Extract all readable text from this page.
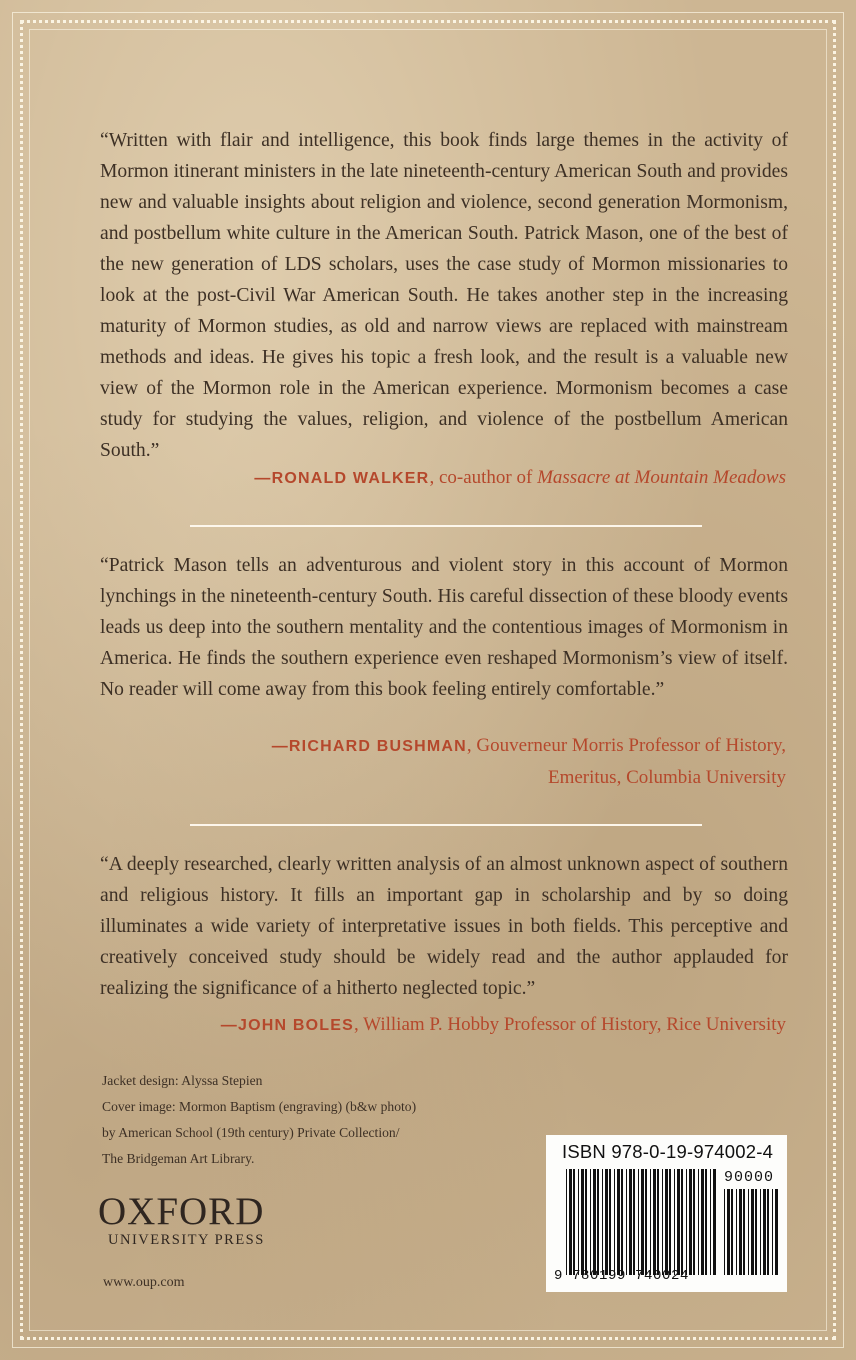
“Written with flair and intelligence, this book finds large themes in the activity of Mormon itinerant ministers in the late nineteenth-century American South and provides new and valuable insights about religion and violence, second generation Mormonism, and postbellum white culture in the American South. Patrick Mason, one of the best of the new generation of LDS scholars, uses the case study of Mormon missionaries to look at the post-Civil War American South. He takes another step in the increasing maturity of Mormon studies, as old and narrow views are replaced with mainstream methods and ideas. He gives his topic a fresh look, and the result is a valuable new view of the Mormon role in the American experience. Mormonism becomes a case study for studying the values, religion, and violence of the postbellum American South.”

—RONALD WALKER, co-author of Massacre at Mountain Meadows

“Patrick Mason tells an adventurous and violent story in this account of Mormon lynchings in the nineteenth-century South. His careful dissection of these bloody events leads us deep into the southern mentality and the contentious images of Mormonism in America. He finds the southern experience even reshaped Mormonism’s view of itself. No reader will come away from this book feeling entirely comfortable.”

—RICHARD BUSHMAN, Gouverneur Morris Professor of History,
Emeritus, Columbia University

“A deeply researched, clearly written analysis of an almost unknown aspect of southern and religious history. It fills an important gap in scholarship and by so doing illuminates a wide variety of interpretative issues in both fields. This perceptive and creatively conceived study should be widely read and the author applauded for realizing the significance of a hitherto neglected topic.”

—JOHN BOLES, William P. Hobby Professor of History, Rice University
Jacket design: Alyssa Stepien
Cover image: Mormon Baptism (engraving) (b&w photo)
by American School (19th century) Private Collection/
The Bridgeman Art Library.
OXFORD
UNIVERSITY PRESS
www.oup.com
ISBN 978-0-19-974002-4
90000
9 780199 740024
